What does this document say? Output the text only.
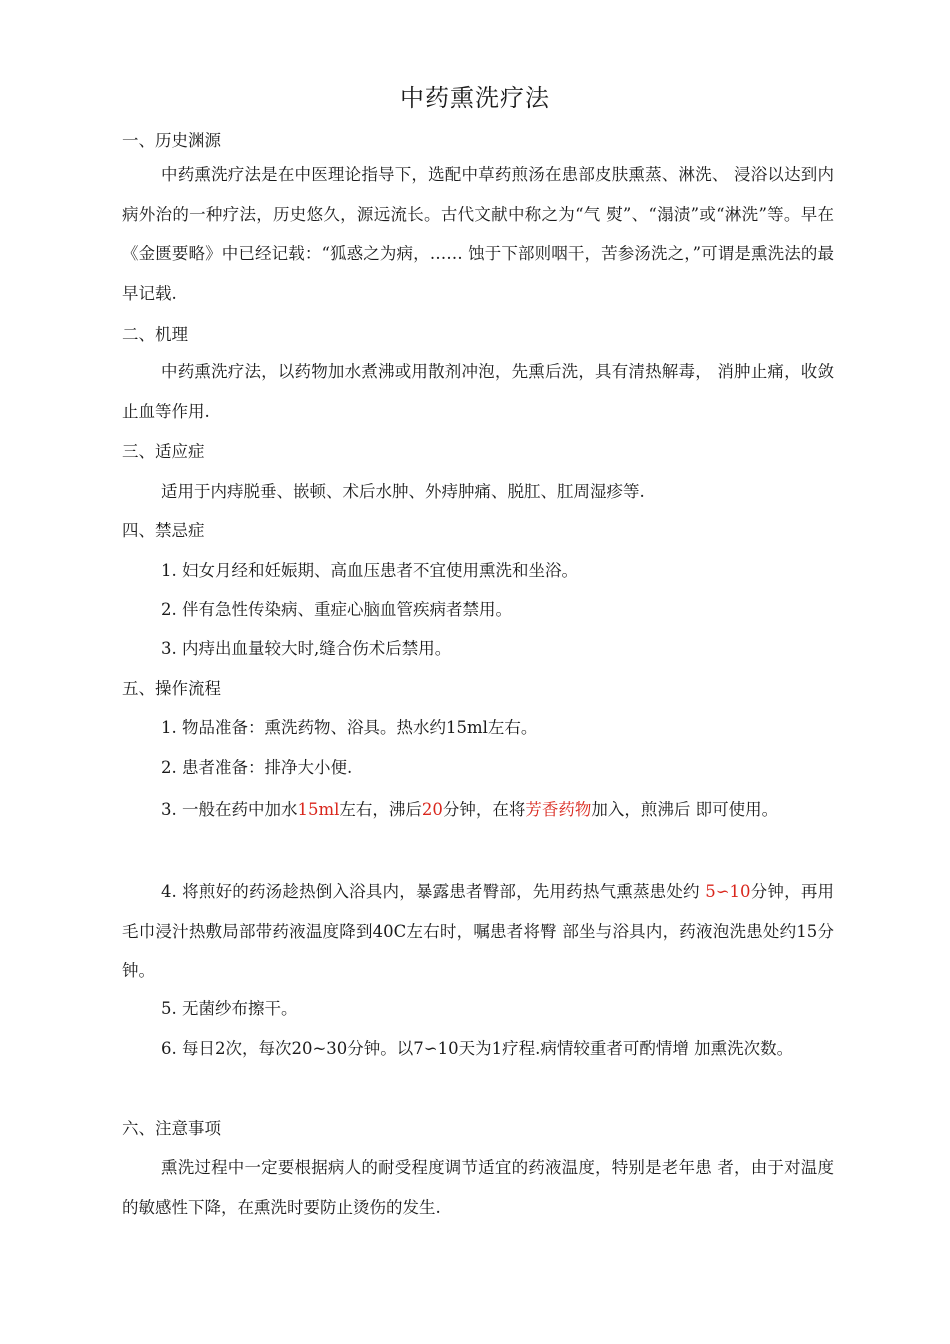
中药熏洗疗法
一、历史渊源

中药熏洗疗法是在中医理论指导下，选配中草药煎汤在患部皮肤熏蒸、淋洗、 浸浴以达到内病外治的一种疗法，历史悠久，源远流长。古代文献中称之为“气 熨”、“溻渍”或“淋洗”等。早在《金匮要略》中已经记载：“狐惑之为病，…… 蚀于下部则咽干，苦参汤洗之，”可谓是熏洗法的最早记载.

二、机理

中药熏洗疗法，以药物加水煮沸或用散剂冲泡，先熏后洗，具有清热解毒， 消肿止痛，收敛止血等作用.

三、适应症
适用于内痔脱垂、嵌顿、术后水肿、外痔肿痛、脱肛、肛周湿疹等.
四、禁忌症
1. 妇女月经和妊娠期、高血压患者不宜使用熏洗和坐浴。
2. 伴有急性传染病、重症心脑血管疾病者禁用。
3. 内痔出血量较大时,缝合伤术后禁用。
五、操作流程
1. 物品准备：熏洗药物、浴具。热水约15ml左右。
2. 患者准备：排净大小便.

3. 一般在药中加水15ml左右，沸后20分钟，在将芳香药物加入，煎沸后 即可使用。

4. 将煎好的药汤趁热倒入浴具内，暴露患者臀部，先用药热气熏蒸患处约 5∽10分钟，再用毛巾浸汁热敷局部带药液温度降到40C左右时，嘱患者将臀 部坐与浴具内，药液泡洗患处约15分钟。

5. 无菌纱布擦干。

6. 每日2次，每次20~30分钟。以7∽10天为1疗程.病情较重者可酌情增 加熏洗次数。

六、注意事项

熏洗过程中一定要根据病人的耐受程度调节适宜的药液温度，特别是老年患 者，由于对温度的敏感性下降，在熏洗时要防止烫伤的发生.
